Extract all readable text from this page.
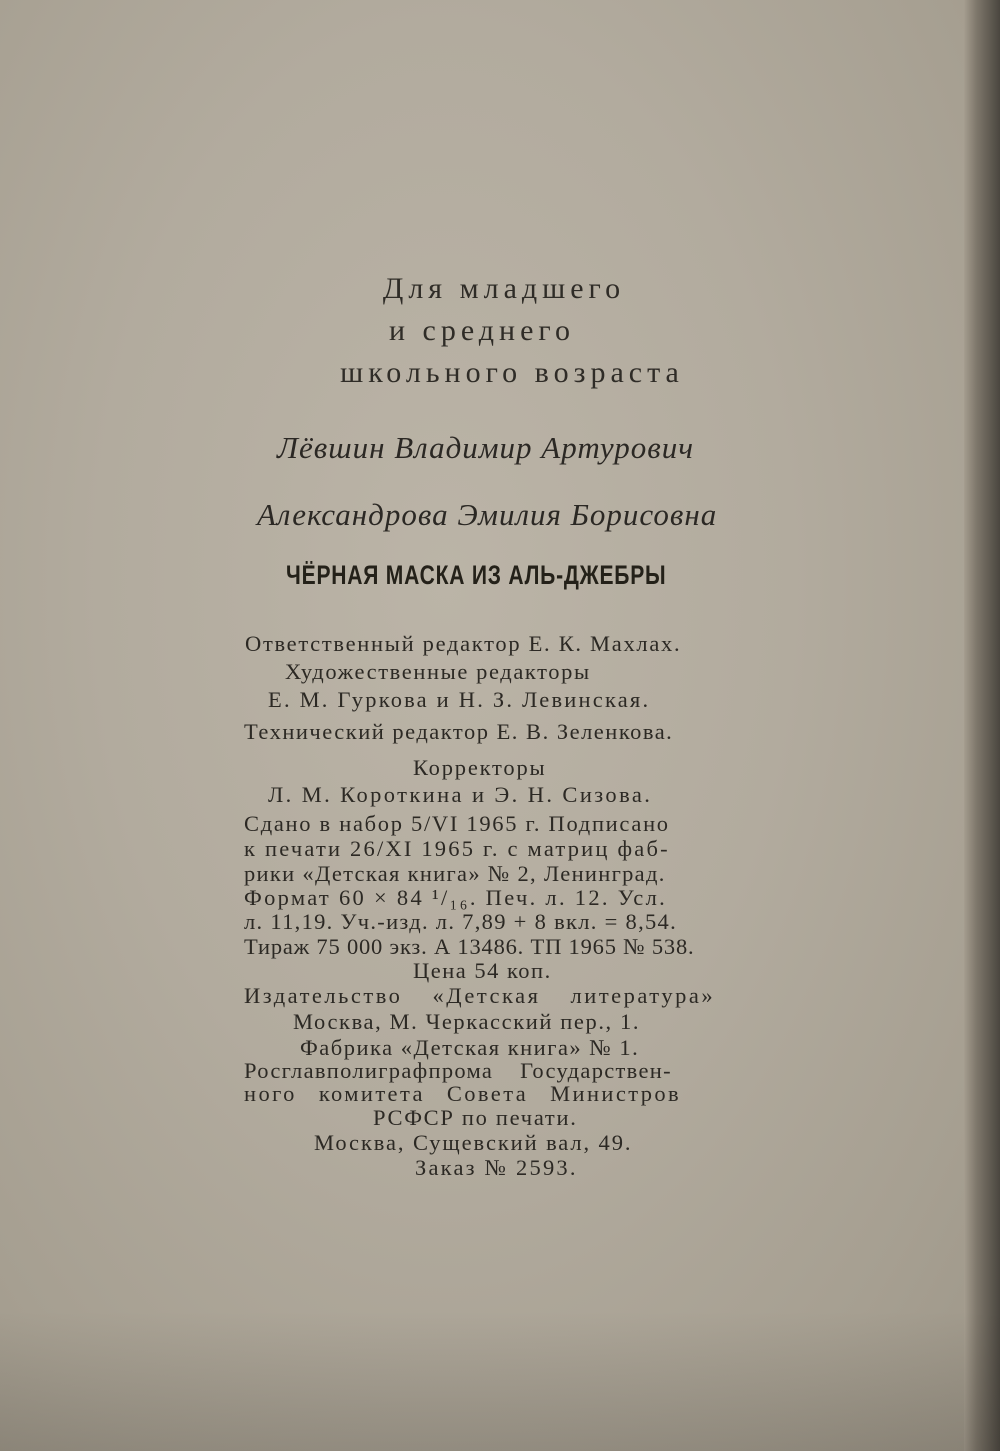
Для младшего
и среднего
школьного возраста
Лёвшин Владимир Артурович
Александрова Эмилия Борисовна
ЧЁРНАЯ МАСКА ИЗ АЛЬ-ДЖЕБРЫ
Ответственный редактор Е. К. Махлах.
Художественные редакторы
Е. М. Гуркова и Н. З. Левинская.
Технический редактор Е. В. Зеленкова.
Корректоры
Л. М. Короткина и Э. Н. Сизова.
Сдано в набор 5/VI 1965 г. Подписано
к печати 26/XI 1965 г. с матриц фаб-
рики «Детская книга» № 2, Ленинград.
Формат 60 × 84 ¹/₁₆. Печ. л. 12. Усл.
л. 11,19. Уч.-изд. л. 7,89 + 8 вкл. = 8,54.
Тираж 75 000 экз. А 13486. ТП 1965 № 538.
Цена 54 коп.
Издательство «Детская литература»
Москва, М. Черкасский пер., 1.
Фабрика «Детская книга» № 1.
Росглавполиграфпрома Государствен-
ного комитета Совета Министров
РСФСР по печати.
Москва, Сущевский вал, 49.
Заказ № 2593.
